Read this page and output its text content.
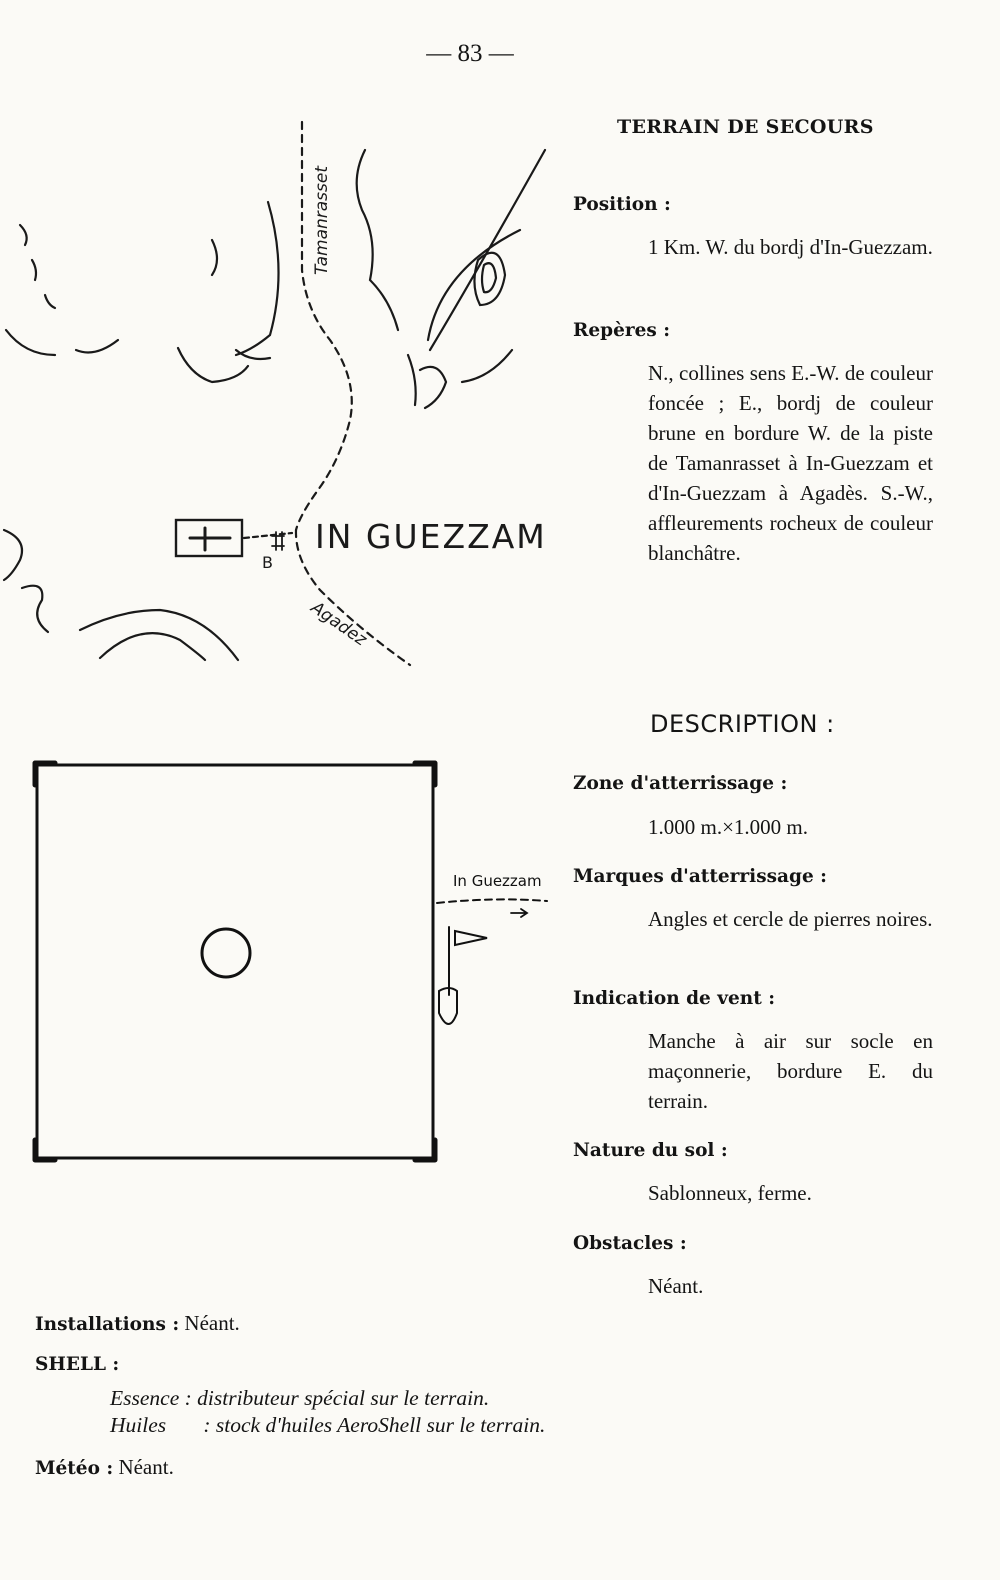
— 83 —
Tamanrasset
Agadez
IN GUEZZAM
B
TERRAIN DE SECOURS
Position :
1 Km. W. du bordj d'In-Guezzam.
Repères :
N., collines sens E.-W. de couleur foncée ; E., bordj de couleur brune en bordure W. de la piste de Tamanrasset à In-Guezzam et d'In-Guezzam à Agadès. S.-W., affleurements rocheux de couleur blanchâtre.
DESCRIPTION :
Zone d'atterrissage :
1.000 m.×1.000 m.
Marques d'atterrissage :
Angles et cercle de pierres noires.
Indication de vent :
Manche à air sur socle en maçonnerie, bordure E. du terrain.
Nature du sol :
Sablonneux, ferme.
Obstacles :
Néant.
In Guezzam
Installations : Néant.
SHELL :
Essence : distributeur spécial sur le terrain.
Huiles : stock d'huiles AeroShell sur le terrain.
Météo : Néant.
